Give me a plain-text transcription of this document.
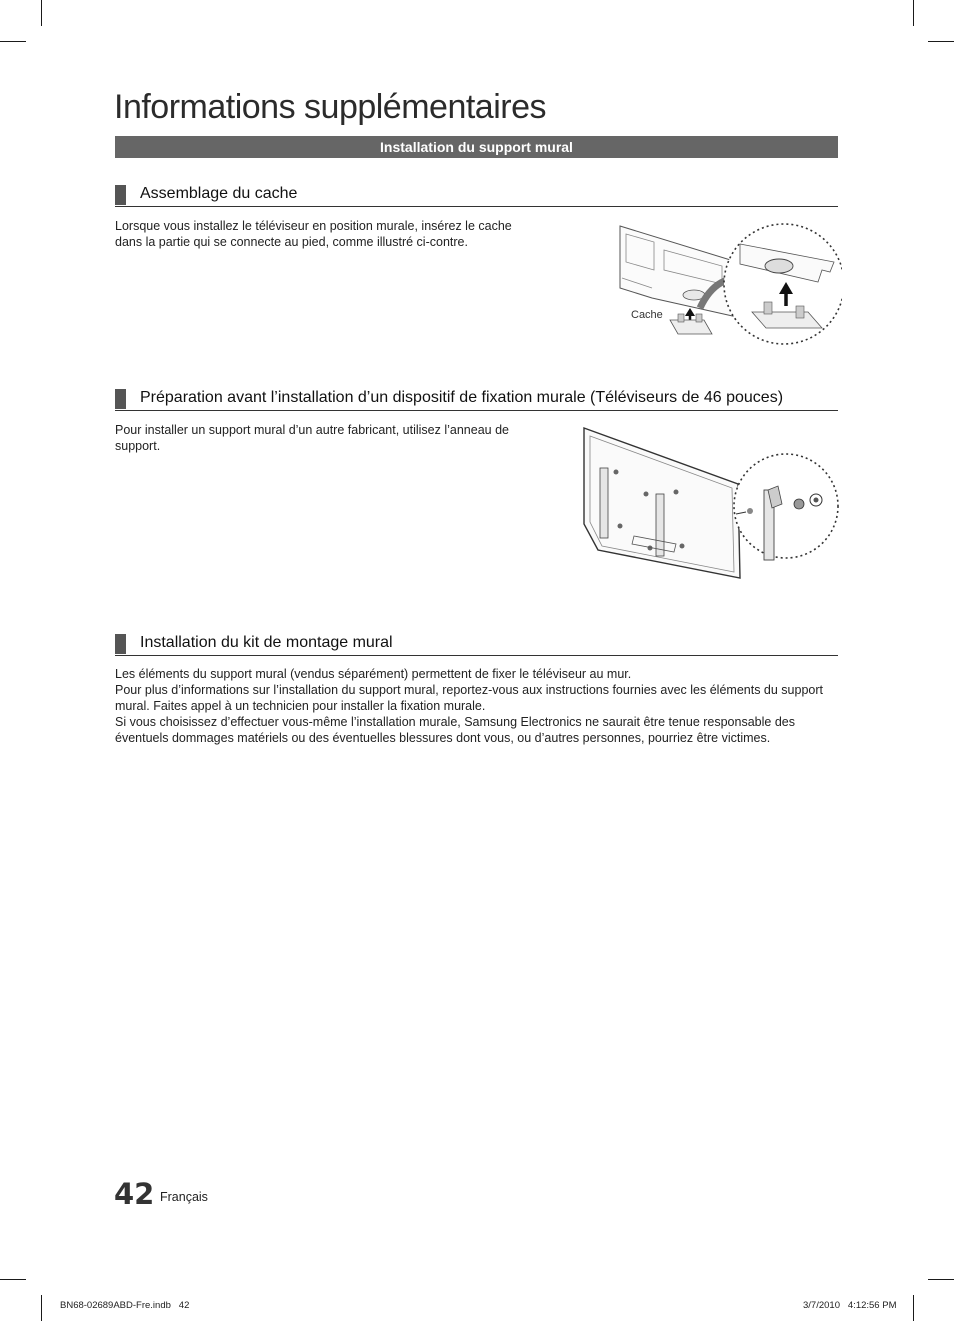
Informations supplémentaires
Installation du support mural
Assemblage du cache

Lorsque vous installez le téléviseur en position murale, insérez le cache dans la partie qui se connecte au pied, comme illustré ci-contre.

Cache
Préparation avant l’installation d’un dispositif de fixation murale (Téléviseurs de 46 pouces)

Pour installer un support mural d’un autre fabricant, utilisez l’anneau de support.

Installation du kit de montage mural
Les éléments du support mural (vendus séparément) permettent de fixer le téléviseur au mur.
Pour plus d’informations sur l’installation du support mural, reportez-vous aux instructions fournies avec les éléments du support mural. Faites appel à un technicien pour installer la fixation murale.
Si vous choisissez d’effectuer vous-même l’installation murale, Samsung Electronics ne saurait être tenue responsable des éventuels dommages matériels ou des éventuelles blessures dont vous, ou d’autres personnes, pourriez être victimes.
42 Français
BN68-02689ABD-Fre.indb   42	3/7/2010   4:12:56 PM
